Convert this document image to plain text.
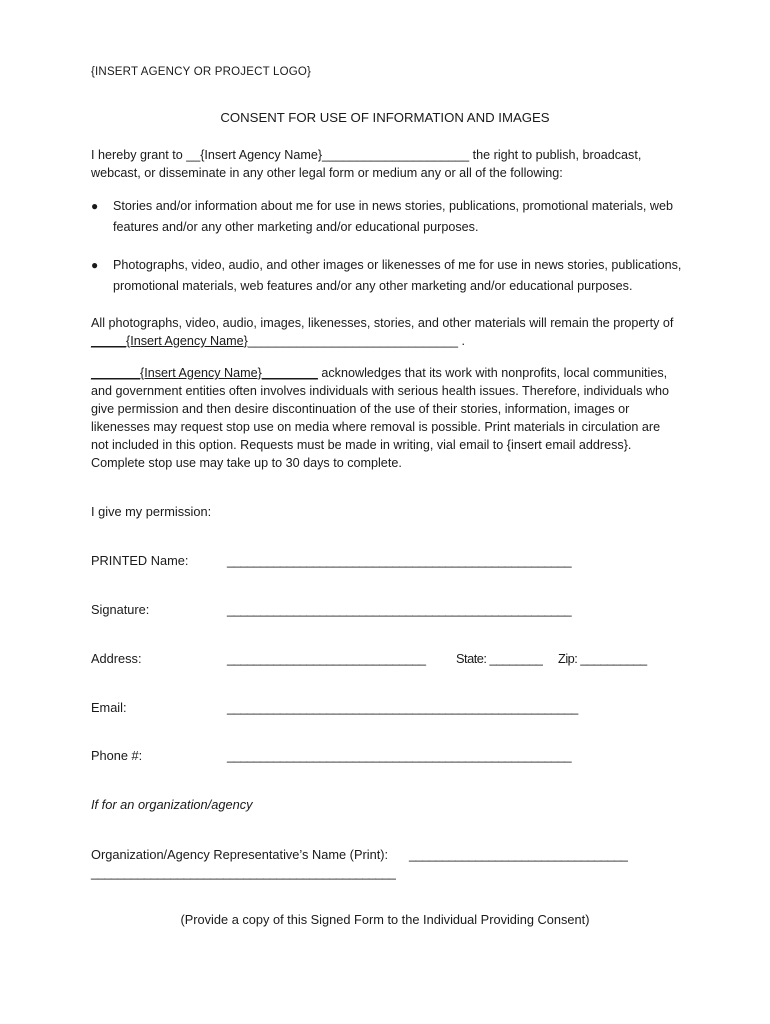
{INSERT AGENCY OR PROJECT LOGO}
CONSENT FOR USE OF INFORMATION AND IMAGES
I hereby grant to __{Insert Agency Name}_____________________ the right to publish, broadcast, webcast, or disseminate in any other legal form or medium any or all of the following:
● Stories and/or information about me for use in news stories, publications, promotional materials, web features and/or any other marketing and/or educational purposes.
● Photographs, video, audio, and other images or likenesses of me for use in news stories, publications, promotional materials, web features and/or any other marketing and/or educational purposes.
All photographs, video, audio, images, likenesses, stories, and other materials will remain the property of
_____{Insert Agency Name}______________________________ .
_______{Insert Agency Name}________ acknowledges that its work with nonprofits, local communities, and government entities often involves individuals with serious health issues. Therefore, individuals who give permission and then desire discontinuation of the use of their stories, information, images or likenesses may request stop use on media where removal is possible. Print materials in circulation are not included in this option. Requests must be made in writing, vial email to {insert email address}. Complete stop use may take up to 30 days to complete.
I give my permission:
PRINTED Name:	____________________________________________________
Signature:	____________________________________________________
Address:	______________________________ State: ________ Zip: __________
Email:	_____________________________________________________
Phone #:	____________________________________________________
If for an organization/agency
Organization/Agency Representative’s Name (Print): _________________________________
______________________________________________
(Provide a copy of this Signed Form to the Individual Providing Consent)
